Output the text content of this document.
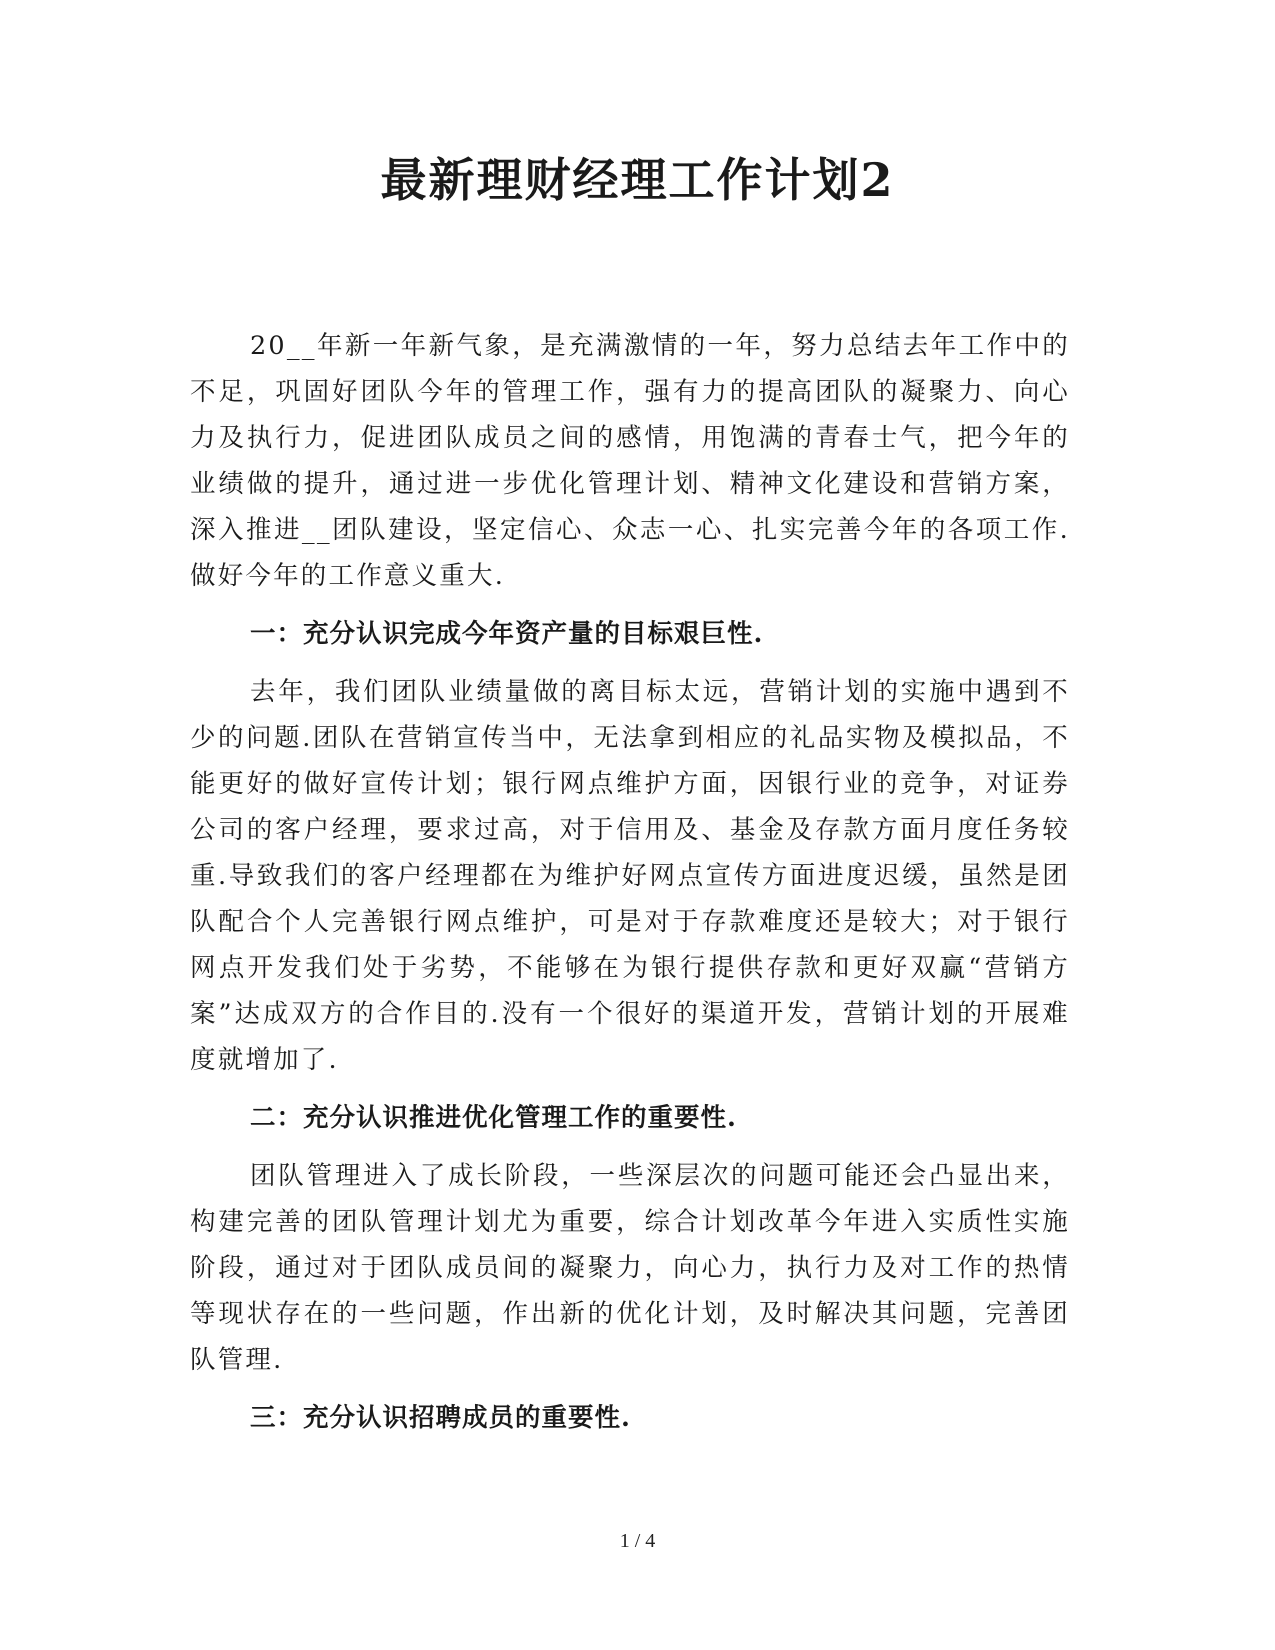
最新理财经理工作计划2

20__年新一年新气象，是充满激情的一年，努力总结去年工作中的不足，巩固好团队今年的管理工作，强有力的提高团队的凝聚力、向心力及执行力，促进团队成员之间的感情，用饱满的青春士气，把今年的业绩做的提升，通过进一步优化管理计划、精神文化建设和营销方案，深入推进__团队建设，坚定信心、众志一心、扎实完善今年的各项工作.做好今年的工作意义重大.

一：充分认识完成今年资产量的目标艰巨性.

去年，我们团队业绩量做的离目标太远，营销计划的实施中遇到不少的问题.团队在营销宣传当中，无法拿到相应的礼品实物及模拟品，不能更好的做好宣传计划；银行网点维护方面，因银行业的竞争，对证券公司的客户经理，要求过高，对于信用及、基金及存款方面月度任务较重.导致我们的客户经理都在为维护好网点宣传方面进度迟缓，虽然是团队配合个人完善银行网点维护，可是对于存款难度还是较大；对于银行网点开发我们处于劣势，不能够在为银行提供存款和更好双赢“营销方案”达成双方的合作目的.没有一个很好的渠道开发，营销计划的开展难度就增加了.

二：充分认识推进优化管理工作的重要性.

团队管理进入了成长阶段，一些深层次的问题可能还会凸显出来，构建完善的团队管理计划尤为重要，综合计划改革今年进入实质性实施阶段，通过对于团队成员间的凝聚力，向心力，执行力及对工作的热情等现状存在的一些问题，作出新的优化计划，及时解决其问题，完善团队管理.

三：充分认识招聘成员的重要性.
1 / 4
